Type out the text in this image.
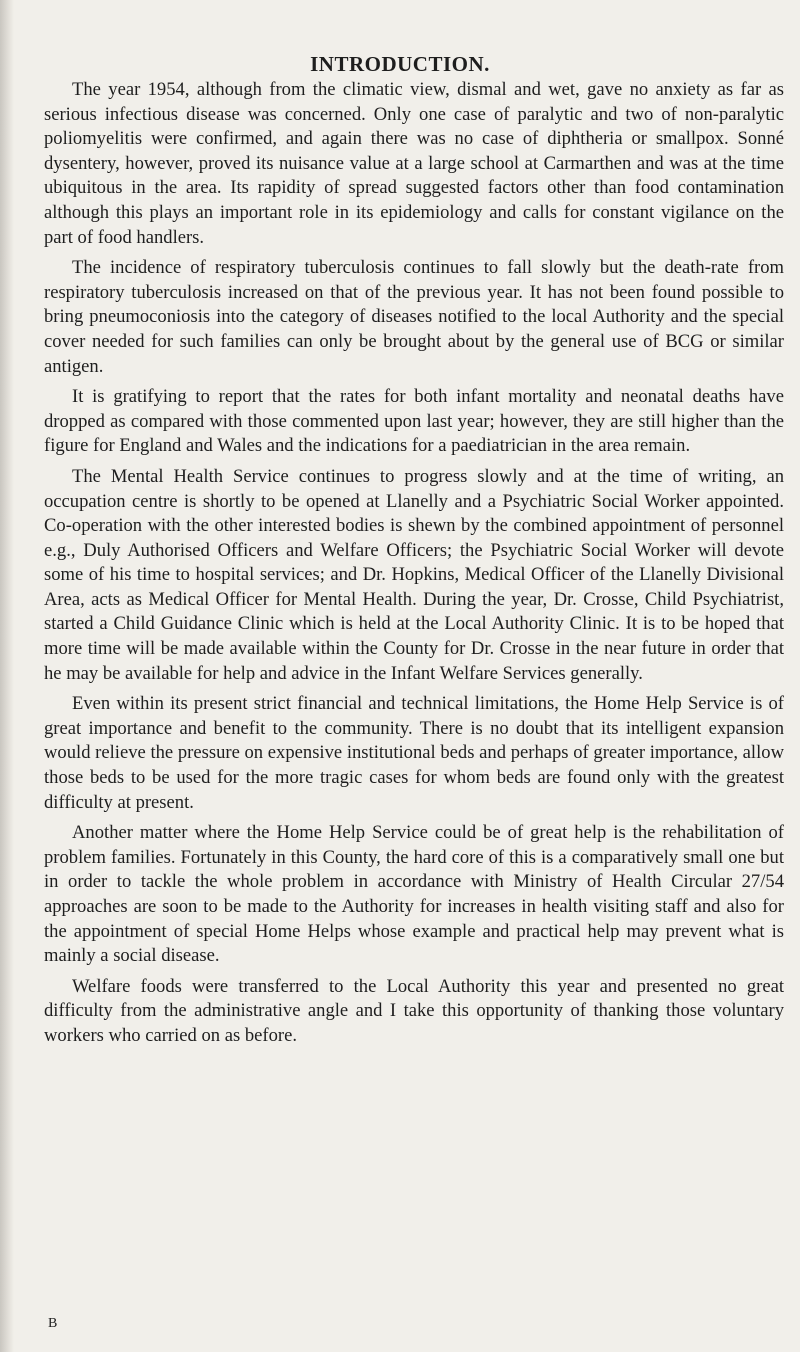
INTRODUCTION.

The year 1954, although from the climatic view, dismal and wet, gave no anxiety as far as serious infectious disease was concerned. Only one case of paralytic and two of non-paralytic poliomyelitis were confirmed, and again there was no case of diphtheria or smallpox. Sonné dysentery, however, proved its nuisance value at a large school at Carmarthen and was at the time ubiquitous in the area. Its rapidity of spread suggested factors other than food contamination although this plays an important role in its epidemiology and calls for constant vigilance on the part of food handlers.

The incidence of respiratory tuberculosis continues to fall slowly but the death-rate from respiratory tuberculosis increased on that of the previous year. It has not been found possible to bring pneumoconiosis into the category of diseases notified to the local Authority and the special cover needed for such families can only be brought about by the general use of BCG or similar antigen.

It is gratifying to report that the rates for both infant mortality and neonatal deaths have dropped as compared with those commented upon last year; however, they are still higher than the figure for England and Wales and the indications for a paediatrician in the area remain.

The Mental Health Service continues to progress slowly and at the time of writing, an occupation centre is shortly to be opened at Llanelly and a Psychiatric Social Worker appointed. Co-operation with the other interested bodies is shewn by the combined appointment of personnel e.g., Duly Authorised Officers and Welfare Officers; the Psychiatric Social Worker will devote some of his time to hospital services; and Dr. Hopkins, Medical Officer of the Llanelly Divisional Area, acts as Medical Officer for Mental Health. During the year, Dr. Crosse, Child Psychiatrist, started a Child Guidance Clinic which is held at the Local Authority Clinic. It is to be hoped that more time will be made available within the County for Dr. Crosse in the near future in order that he may be available for help and advice in the Infant Welfare Services generally.

Even within its present strict financial and technical limitations, the Home Help Service is of great importance and benefit to the community. There is no doubt that its intelligent expansion would relieve the pressure on expensive institutional beds and perhaps of greater importance, allow those beds to be used for the more tragic cases for whom beds are found only with the greatest difficulty at present.

Another matter where the Home Help Service could be of great help is the rehabilitation of problem families. Fortunately in this County, the hard core of this is a comparatively small one but in order to tackle the whole problem in accordance with Ministry of Health Circular 27/54 approaches are soon to be made to the Authority for increases in health visiting staff and also for the appointment of special Home Helps whose example and practical help may prevent what is mainly a social disease.

Welfare foods were transferred to the Local Authority this year and presented no great difficulty from the administrative angle and I take this opportunity of thanking those voluntary workers who carried on as before.

B
